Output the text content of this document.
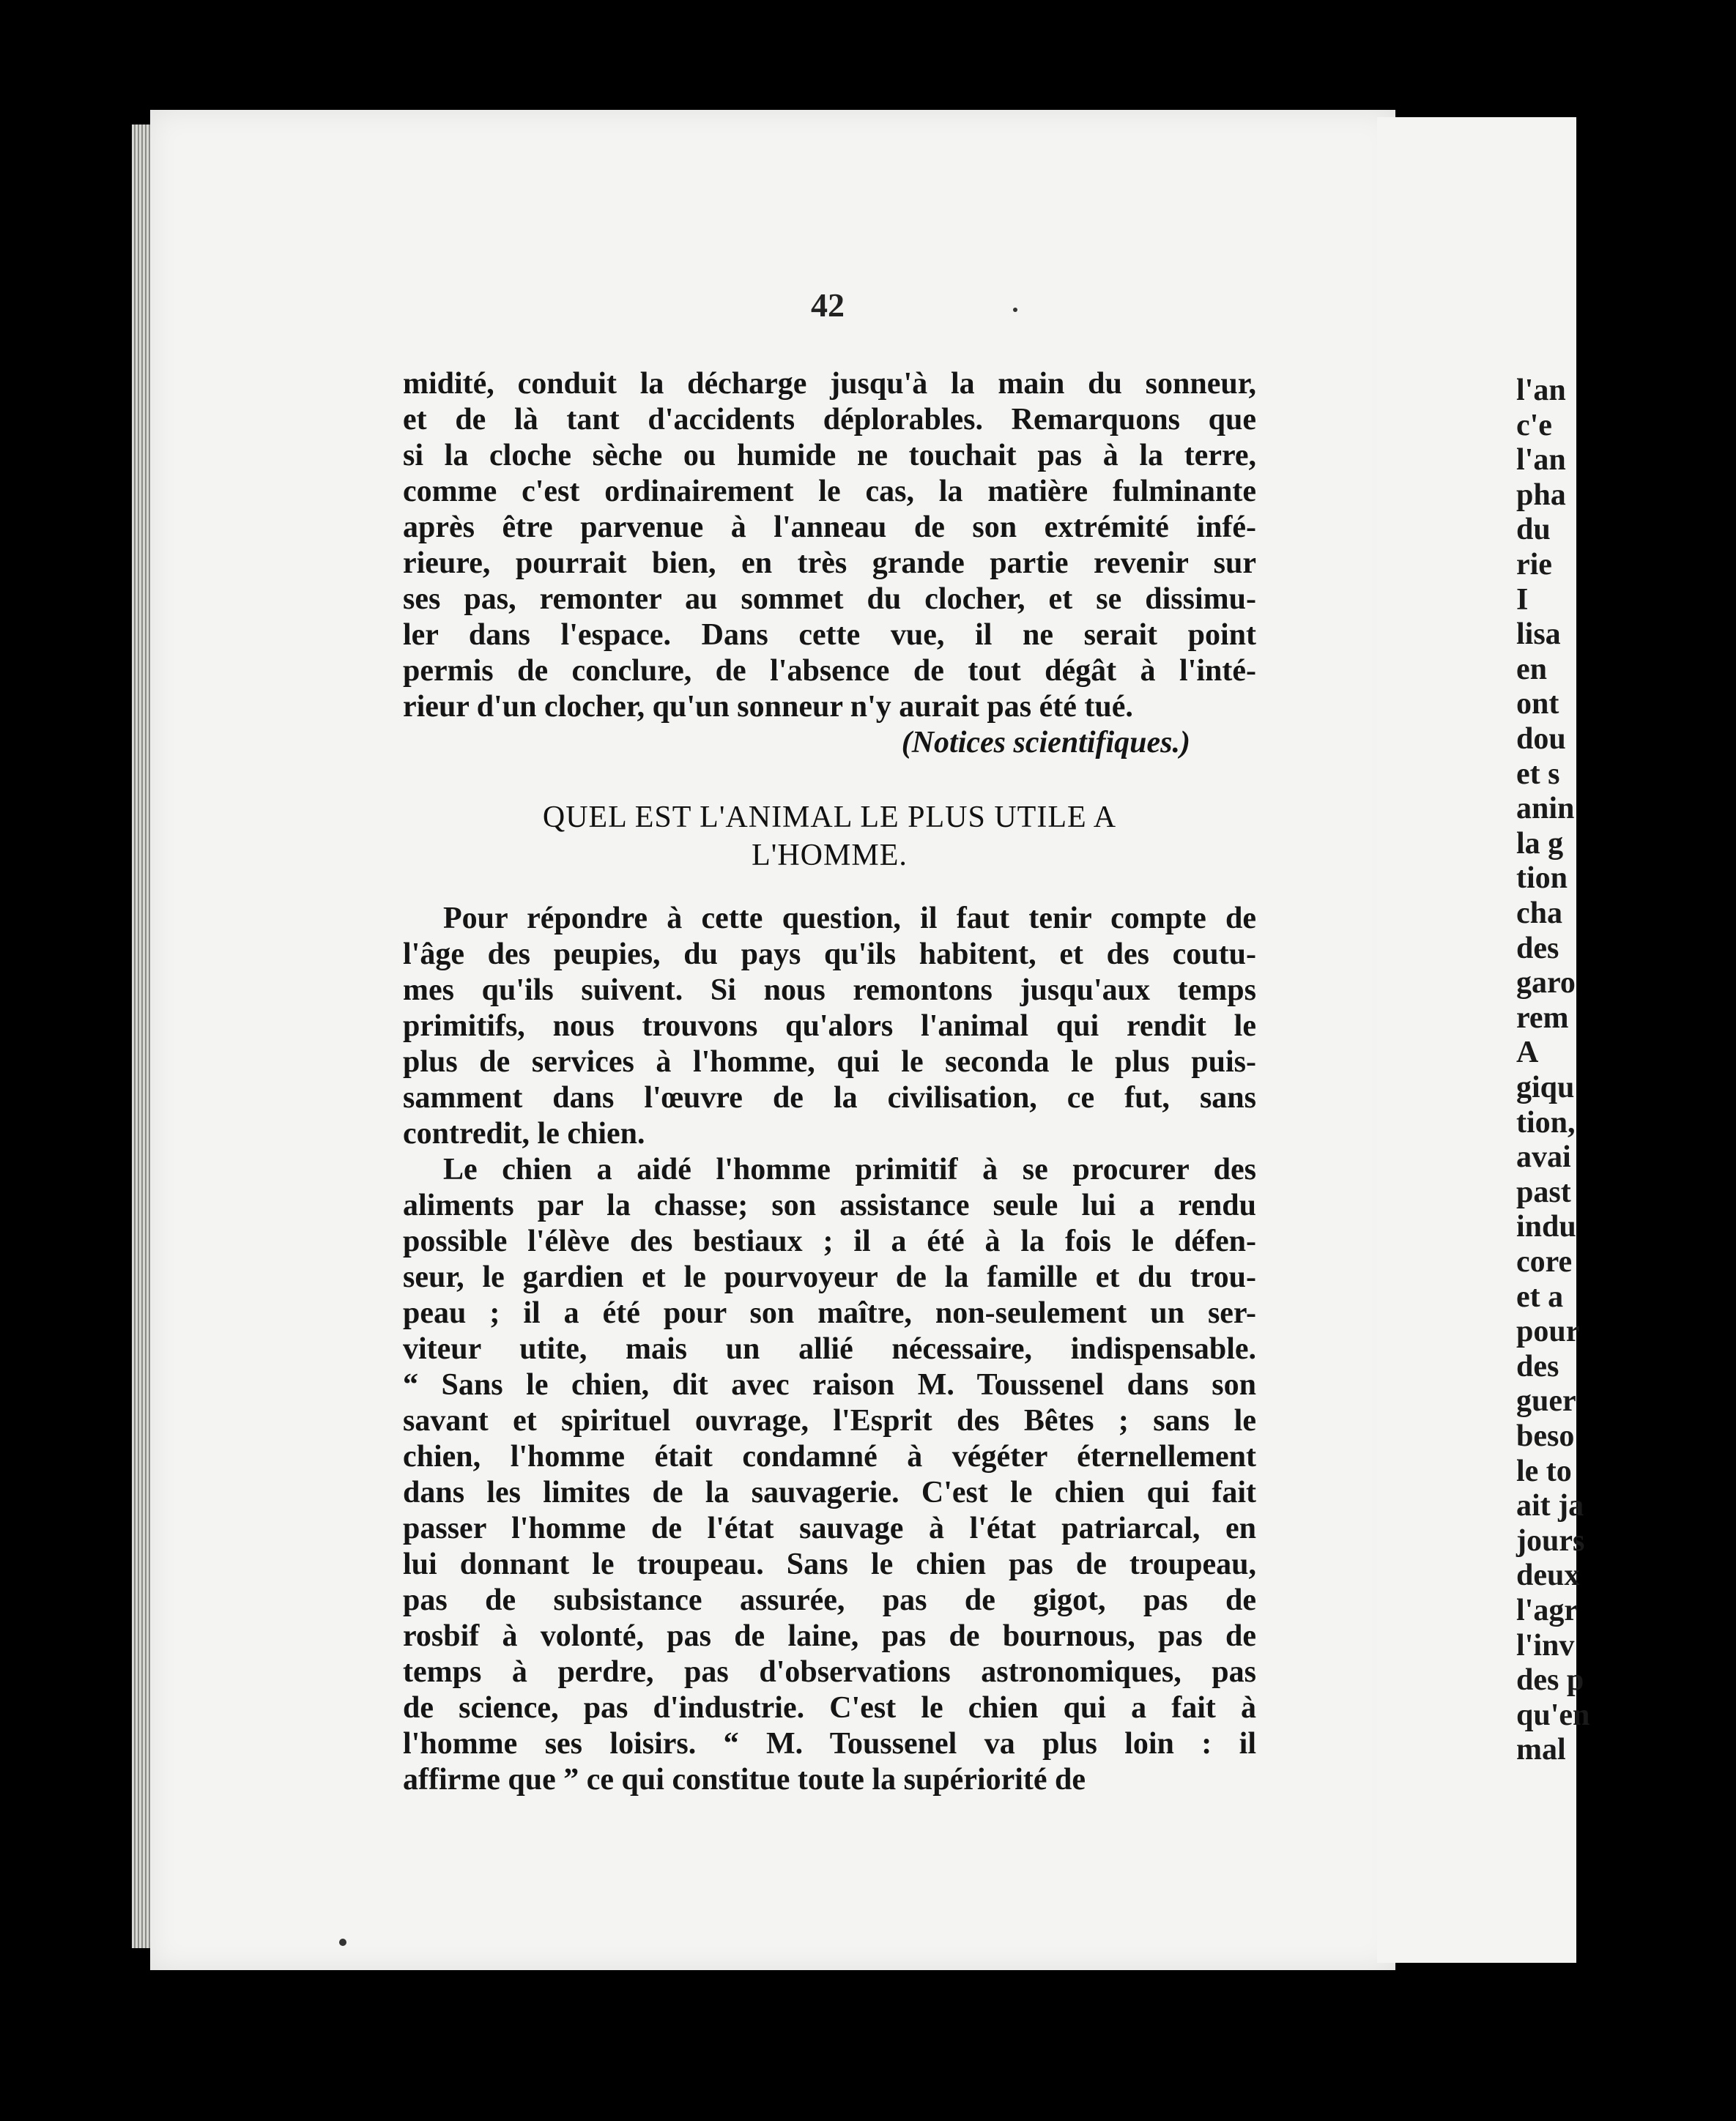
l'an
c'e
l'an
pha
du
rie
I
lisa
en
ont
dou
et s
anin
la g
tion
cha
des
garo
rem
A
giqu
tion,
avai
past
indu
core
et a
pour
des
guer
beso
le to
ait ja
jours
deux
l'agr
l'inv
des p
qu'en
mal
42
midité, conduit la décharge jusqu'à la main du sonneur,
et de là tant d'accidents déplorables. Remarquons que
si la cloche sèche ou humide ne touchait pas à la terre,
comme c'est ordinairement le cas, la matière fulminante
après être parvenue à l'anneau de son extrémité infé-
rieure, pourrait bien, en très grande partie revenir sur
ses pas, remonter au sommet du clocher, et se dissimu-
ler dans l'espace. Dans cette vue, il ne serait point
permis de conclure, de l'absence de tout dégât à l'inté-
rieur d'un clocher, qu'un sonneur n'y aurait pas été tué.
(Notices scientifiques.)
QUEL EST L'ANIMAL LE PLUS UTILE A
L'HOMME.
Pour répondre à cette question, il faut tenir compte de
l'âge des peupies, du pays qu'ils habitent, et des coutu-
mes qu'ils suivent. Si nous remontons jusqu'aux temps
primitifs, nous trouvons qu'alors l'animal qui rendit le
plus de services à l'homme, qui le seconda le plus puis-
samment dans l'œuvre de la civilisation, ce fut, sans
contredit, le chien.
Le chien a aidé l'homme primitif à se procurer des
aliments par la chasse; son assistance seule lui a rendu
possible l'élève des bestiaux ; il a été à la fois le défen-
seur, le gardien et le pourvoyeur de la famille et du trou-
peau ; il a été pour son maître, non-seulement un ser-
viteur utite, mais un allié nécessaire, indispensable.
“ Sans le chien, dit avec raison M. Toussenel dans son
savant et spirituel ouvrage, l'Esprit des Bêtes ; sans le
chien, l'homme était condamné à végéter éternellement
dans les limites de la sauvagerie. C'est le chien qui fait
passer l'homme de l'état sauvage à l'état patriarcal, en
lui donnant le troupeau. Sans le chien pas de troupeau,
pas de subsistance assurée, pas de gigot, pas de
rosbif à volonté, pas de laine, pas de bournous, pas de
temps à perdre, pas d'observations astronomiques, pas
de science, pas d'industrie. C'est le chien qui a fait à
l'homme ses loisirs. “ M. Toussenel va plus loin : il
affirme que ” ce qui constitue toute la supériorité de
